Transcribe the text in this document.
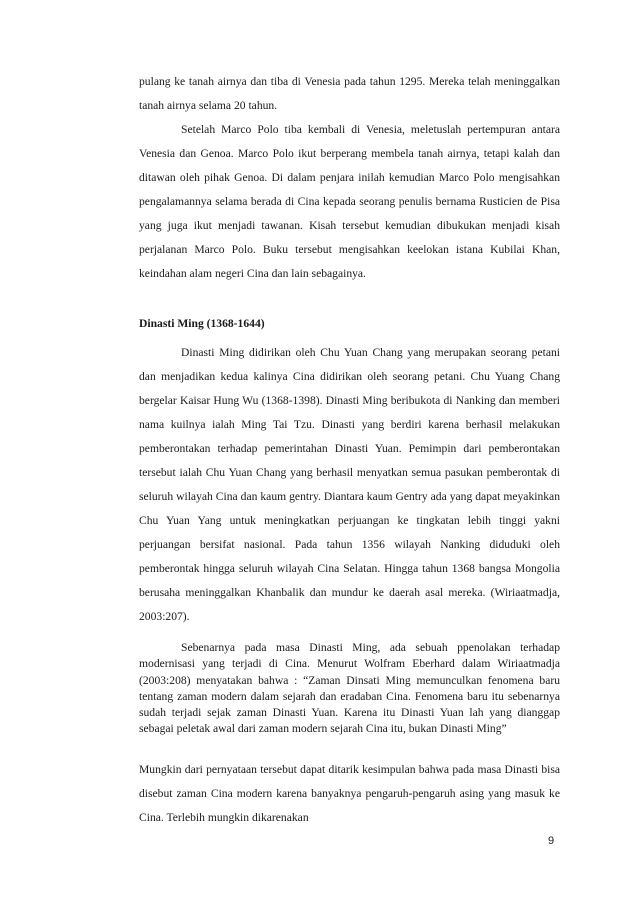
pulang ke tanah airnya dan tiba di Venesia pada tahun 1295. Mereka telah meninggalkan tanah airnya selama 20 tahun.

Setelah Marco Polo tiba kembali di Venesia, meletuslah pertempuran antara Venesia dan Genoa. Marco Polo ikut berperang membela tanah airnya, tetapi kalah dan ditawan oleh pihak Genoa. Di dalam penjara inilah kemudian Marco Polo mengisahkan pengalamannya selama berada di Cina kepada seorang penulis bernama Rusticien de Pisa yang juga ikut menjadi tawanan. Kisah tersebut kemudian dibukukan menjadi kisah perjalanan Marco Polo. Buku tersebut mengisahkan keelokan istana Kubilai Khan, keindahan alam negeri Cina dan lain sebagainya.

Dinasti Ming (1368-1644)

Dinasti Ming didirikan oleh Chu Yuan Chang yang merupakan seorang petani dan menjadikan kedua kalinya Cina didirikan oleh seorang petani. Chu Yuang Chang bergelar Kaisar Hung Wu (1368-1398). Dinasti Ming beribukota di Nanking dan memberi nama kuilnya ialah Ming Tai Tzu. Dinasti yang berdiri karena berhasil melakukan pemberontakan terhadap pemerintahan Dinasti Yuan. Pemimpin dari pemberontakan tersebut ialah Chu Yuan Chang yang berhasil menyatkan semua pasukan pemberontak di seluruh wilayah Cina dan kaum gentry. Diantara kaum Gentry ada yang dapat meyakinkan Chu Yuan Yang untuk meningkatkan perjuangan ke tingkatan lebih tinggi yakni perjuangan bersifat nasional. Pada tahun 1356 wilayah Nanking diduduki oleh pemberontak hingga seluruh wilayah Cina Selatan. Hingga tahun 1368 bangsa Mongolia berusaha meninggalkan Khanbalik dan mundur ke daerah asal mereka. (Wiriaatmadja, 2003:207).

Sebenarnya pada masa Dinasti Ming, ada sebuah ppenolakan terhadap modernisasi yang terjadi di Cina. Menurut Wolfram Eberhard dalam Wiriaatmadja (2003:208) menyatakan bahwa : “Zaman Dinsati Ming memunculkan fenomena baru tentang zaman modern dalam sejarah dan eradaban Cina. Fenomena baru itu sebenarnya sudah terjadi sejak zaman Dinasti Yuan. Karena itu Dinasti Yuan lah yang dianggap sebagai peletak awal dari zaman modern sejarah Cina itu, bukan Dinasti Ming”

Mungkin dari pernyataan tersebut dapat ditarik kesimpulan bahwa pada masa Dinasti bisa disebut zaman Cina modern karena banyaknya pengaruh-pengaruh asing yang masuk ke Cina. Terlebih mungkin dikarenakan

9
